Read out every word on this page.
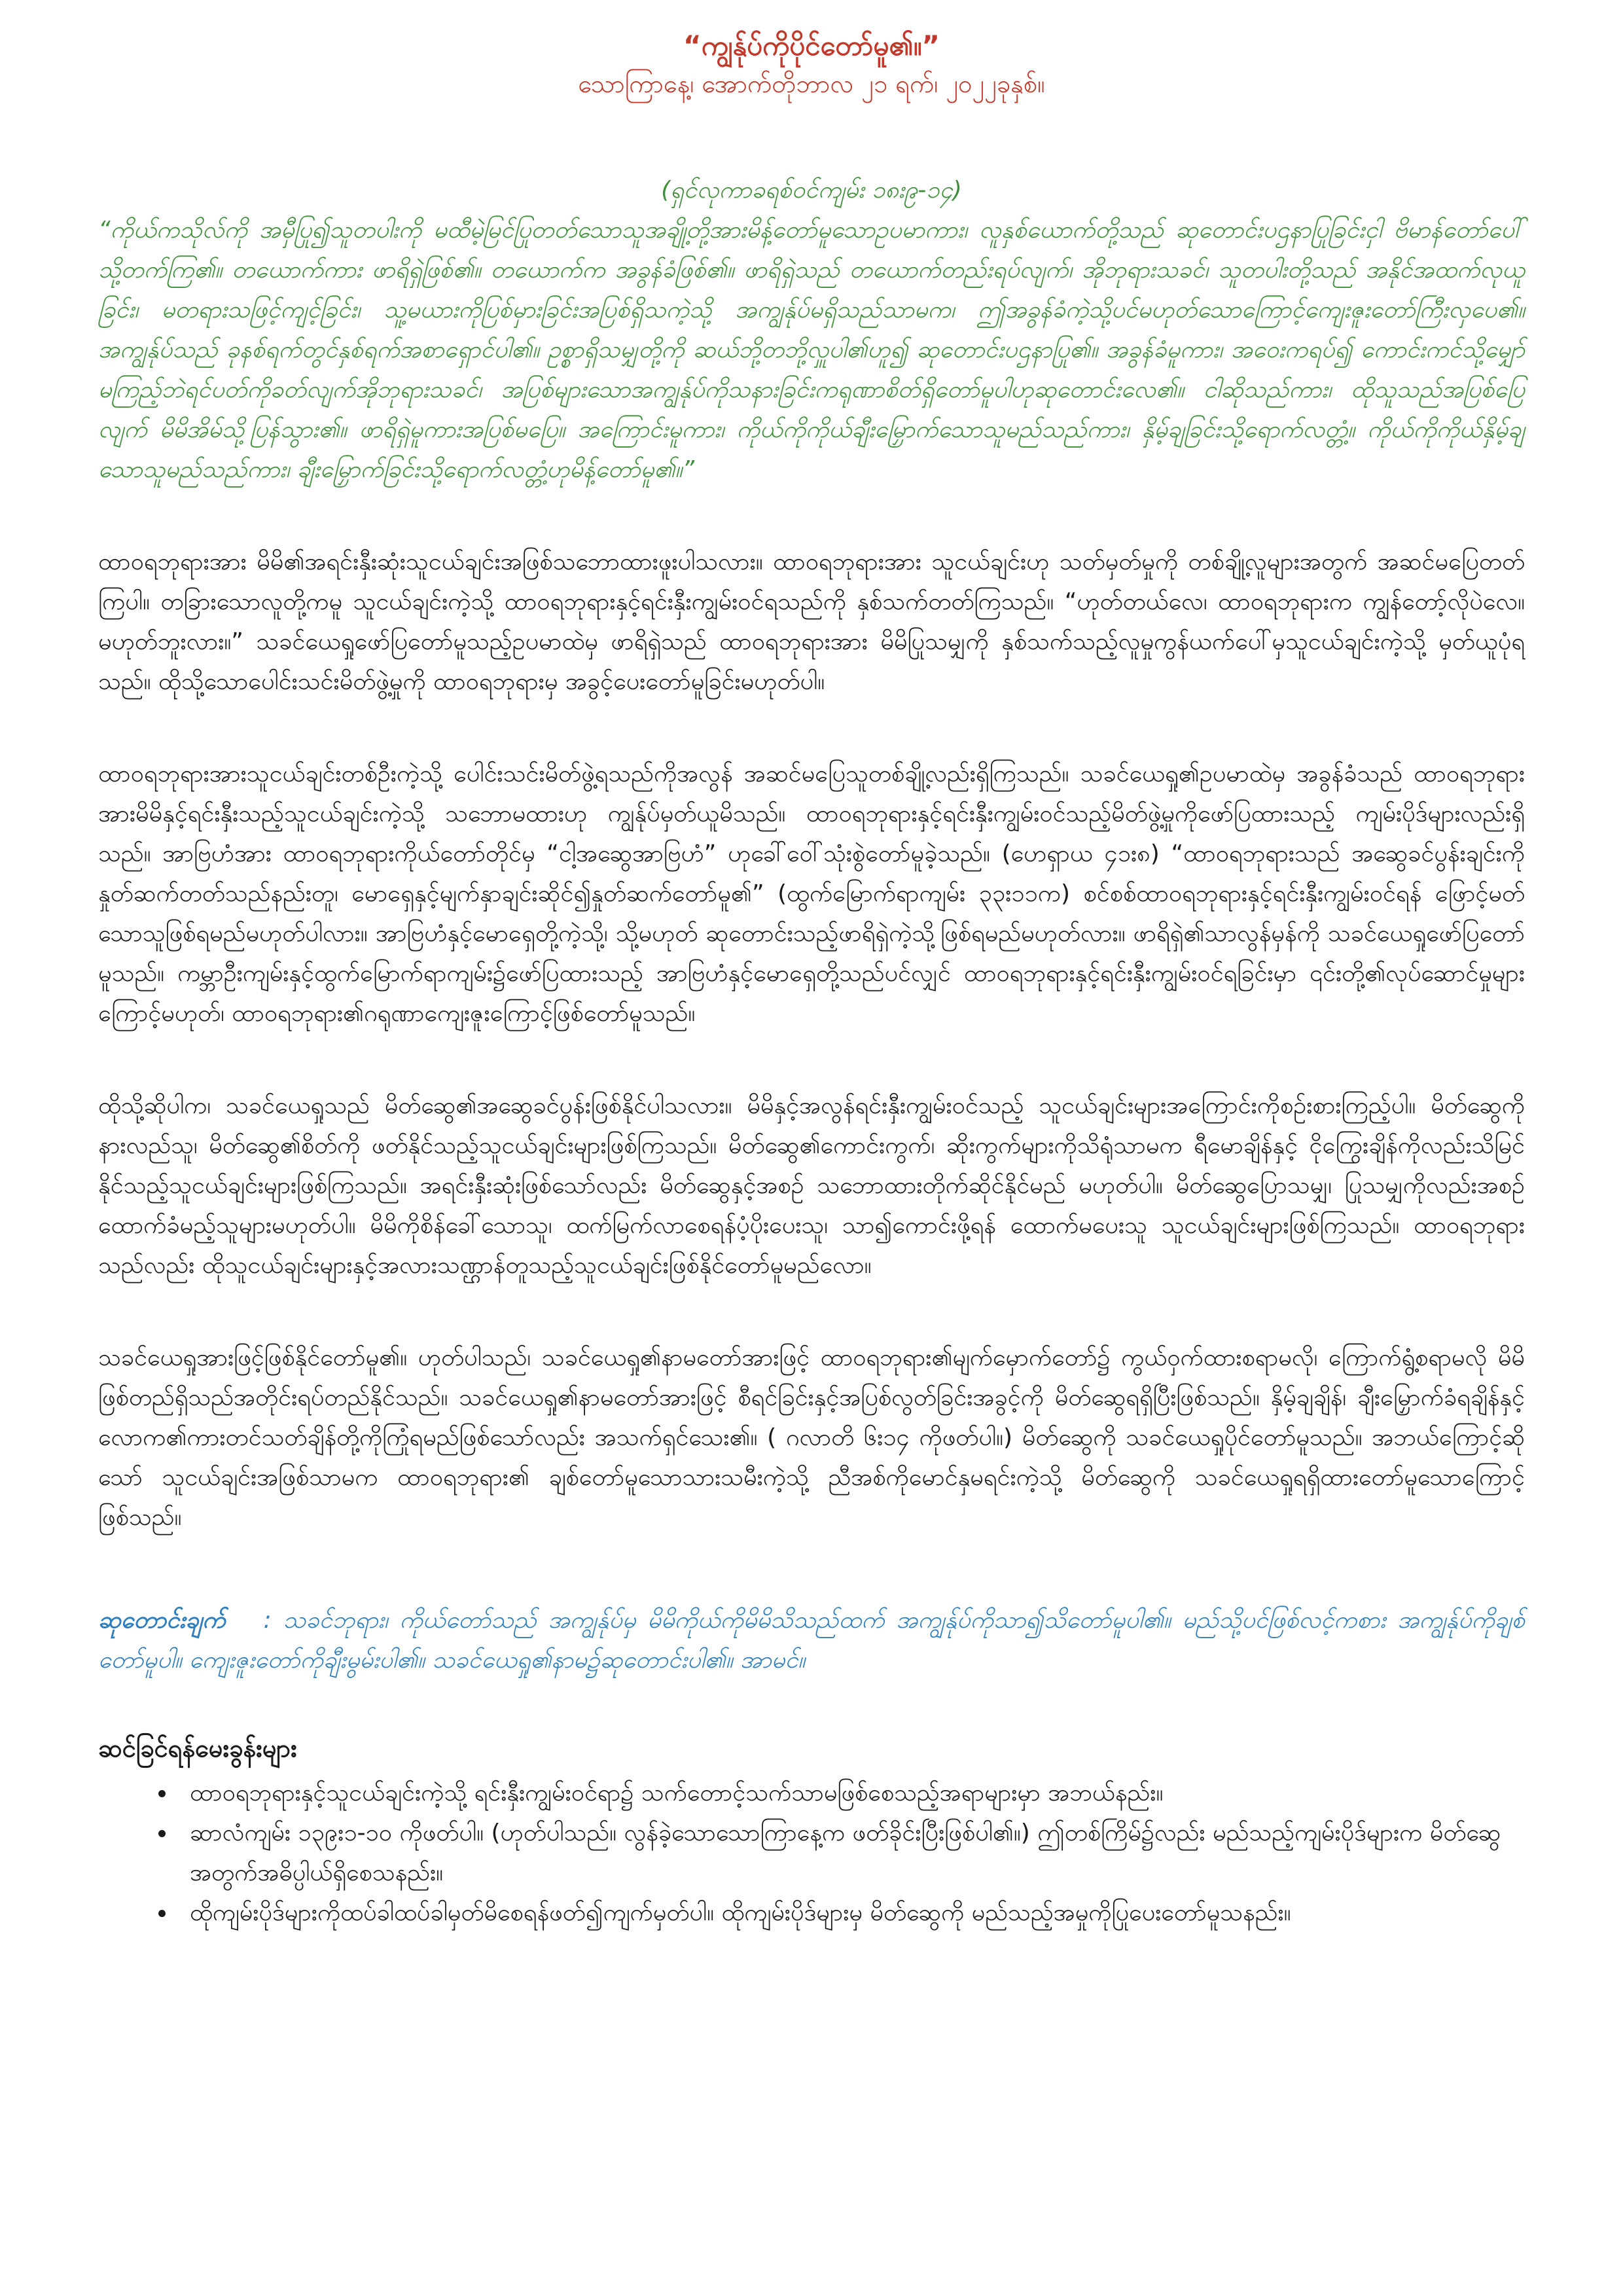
“ကျွန်ုပ်ကိုပိုင်တော်မူ၏။”

သောကြာနေ့၊ အောက်တိုဘာလ ၂၁ ရက်၊ ၂၀၂၂ခုနှစ်။

(ရှင်လုကာခရစ်ဝင်ကျမ်း ၁၈း၉-၁၄)
“ကိုယ်ကသိုလ်ကို အမှီပြု၍သူတပါးကို မထီမဲ့မြင်ပြုတတ်သောသူအချို့တို့အားမိန့်တော်မူသောဥပမာကား၊ လူနှစ်ယောက်တို့သည် ဆုတောင်းပဌနာပြုခြင်းငှါ ဗိမာန်တော်ပေါ်သို့တက်ကြ၏။ တယောက်ကား ဖာရိရှဲဖြစ်၏။ တယောက်က အခွန်ခံဖြစ်၏။ ဖာရိရှဲသည် တယောက်တည်းရပ်လျက်၊ အိုဘုရားသခင်၊ သူတပါးတို့သည် အနိုင်အထက်လုယူခြင်း၊ မတရားသဖြင့်ကျင့်ခြင်း၊ သူ့မယားကိုပြစ်မှားခြင်းအပြစ်ရှိသကဲ့သို့ အကျွန်ုပ်မရှိသည်သာမက၊ ဤအခွန်ခံကဲ့သို့ပင်မဟုတ်သောကြောင့်ကျေးဇူးတော်ကြီးလှပေ၏။ အကျွန်ုပ်သည် ခုနစ်ရက်တွင်နှစ်ရက်အစာရှောင်ပါ၏။ ဥစ္စာရှိသမျှတို့ကို ဆယ်ဘို့တဘို့လှူပါ၏ဟူ၍ ဆုတောင်းပဌနာပြု၏။ အခွန်ခံမူကား၊ အဝေးကရပ်၍ ကောင်းကင်သို့မျှော်မကြည့်ဘဲရင်ပတ်ကိုခတ်လျက်အိုဘုရားသခင်၊ အပြစ်များသောအကျွန်ုပ်ကိုသနားခြင်းကရုဏာစိတ်ရှိတော်မူပါဟုဆုတောင်းလေ၏။ ငါဆိုသည်ကား၊ ထိုသူသည်အပြစ်ပြေလျက် မိမိအိမ်သို့ပြန်သွား၏။ ဖာရိရှဲမူကားအပြစ်မပြေ။ အကြောင်းမူကား၊ ကိုယ်ကိုကိုယ်ချီးမြှောက်သောသူမည်သည်ကား၊ နှိမ့်ချခြင်းသို့ရောက်လတ္တံ့။ ကိုယ်ကိုကိုယ်နှိမ့်ချသောသူမည်သည်ကား၊ ချီးမြှောက်ခြင်းသို့ရောက်လတ္တံ့ဟုမိန့်တော်မူ၏။”

ထာဝရဘုရားအား မိမိ၏အရင်းနှီးဆုံးသူငယ်ချင်းအဖြစ်သဘောထားဖူးပါသလား။ ထာဝရဘုရားအား သူငယ်ချင်းဟု သတ်မှတ်မှုကို တစ်ချို့လူများအတွက် အဆင်မပြေတတ်ကြပါ။ တခြားသောလူတို့ကမူ သူငယ်ချင်းကဲ့သို့ ထာဝရဘုရားနှင့်ရင်းနှီးကျွမ်းဝင်ရသည်ကို နှစ်သက်တတ်ကြသည်။ “ဟုတ်တယ်လေ၊ ထာဝရဘုရားက ကျွန်တော့်လိုပဲလေ။ မဟုတ်ဘူးလား။” သခင်ယေရှုဖော်ပြတော်မူသည့်ဥပမာထဲမှ ဖာရိရှဲသည် ထာဝရဘုရားအား မိမိပြုသမျှကို နှစ်သက်သည့်လူမှုကွန်ယက်ပေါ်မှသူငယ်ချင်းကဲ့သို့ မှတ်ယူပုံရသည်။ ထိုသို့သောပေါင်းသင်းမိတ်ဖွဲ့မှုကို ထာဝရဘုရားမှ အခွင့်ပေးတော်မူခြင်းမဟုတ်ပါ။

ထာဝရဘုရားအားသူငယ်ချင်းတစ်ဦးကဲ့သို့ ပေါင်းသင်းမိတ်ဖွဲ့ရသည်ကိုအလွန် အဆင်မပြေသူတစ်ချို့လည်းရှိကြသည်။ သခင်ယေရှု၏ဥပမာထဲမှ အခွန်ခံသည် ထာဝရဘုရားအားမိမိနှင့်ရင်းနှီးသည့်သူငယ်ချင်းကဲ့သို့ သဘောမထားဟု ကျွန်ုပ်မှတ်ယူမိသည်။ ထာဝရဘုရားနှင့်ရင်းနှီးကျွမ်းဝင်သည့်မိတ်ဖွဲ့မှုကိုဖော်ပြထားသည့် ကျမ်းပိုဒ်များလည်းရှိသည်။ အာဗြဟံအား ထာဝရဘုရားကိုယ်တော်တိုင်မှ “ငါ့အဆွေအာဗြဟံ” ဟုခေါ်ဝေါ်သုံးစွဲတော်မူခဲ့သည်။ (ဟေရှာယ ၄၁း၈) “ထာဝရဘုရားသည် အဆွေခင်ပွန်းချင်းကိုနှုတ်ဆက်တတ်သည်နည်းတူ၊ မောရှေနှင့်မျက်နှာချင်းဆိုင်၍နှုတ်ဆက်တော်မူ၏” (ထွက်မြောက်ရာကျမ်း ၃၃း၁၁က) စင်စစ်ထာဝရဘုရားနှင့်ရင်းနှီးကျွမ်းဝင်ရန် ဖြောင့်မတ်သောသူဖြစ်ရမည်မဟုတ်ပါလား။ အာဗြဟံနှင့်မောရှေတို့ကဲ့သို့၊ သို့မဟုတ် ဆုတောင်းသည့်ဖာရိရှဲကဲ့သို့ဖြစ်ရမည်မဟုတ်လား။ ဖာရိရှဲ၏သာလွန်မှန်ကို သခင်ယေရှုဖော်ပြတော်မူသည်။ ကမ္ဘာဦးကျမ်းနှင့်ထွက်မြောက်ရာကျမ်း၌ဖော်ပြထားသည့် အာဗြဟံနှင့်မောရှေတို့သည်ပင်လျှင် ထာဝရဘုရားနှင့်ရင်းနှီးကျွမ်းဝင်ရခြင်းမှာ ၎င်းတို့၏လုပ်ဆောင်မှုများကြောင့်မဟုတ်၊ ထာဝရဘုရား၏ဂရုဏာကျေးဇူးကြောင့်ဖြစ်တော်မူသည်။

ထိုသို့ဆိုပါက၊ သခင်ယေရှုသည် မိတ်ဆွေ၏အဆွေခင်ပွန်းဖြစ်နိုင်ပါသလား။ မိမိနှင့်အလွန်ရင်းနှီးကျွမ်းဝင်သည့် သူငယ်ချင်းများအကြောင်းကိုစဉ်းစားကြည့်ပါ။ မိတ်ဆွေကိုနားလည်သူ၊ မိတ်ဆွေ၏စိတ်ကို ဖတ်နိုင်သည့်သူငယ်ချင်းများဖြစ်ကြသည်။ မိတ်ဆွေ၏ကောင်းကွက်၊ ဆိုးကွက်များကိုသိရုံသာမက ရီမောချိန်နှင့် ငိုကြွေးချိန်ကိုလည်းသိမြင်နိုင်သည့်သူငယ်ချင်းများဖြစ်ကြသည်။ အရင်းနှီးဆုံးဖြစ်သော်လည်း မိတ်ဆွေနှင့်အစဉ် သဘောထားတိုက်ဆိုင်နိုင်မည် မဟုတ်ပါ။ မိတ်ဆွေပြောသမျှ၊ ပြုသမျှကိုလည်းအစဉ်ထောက်ခံမည့်သူများမဟုတ်ပါ။ မိမိကိုစိန်ခေါ်သောသူ၊ ထက်မြက်လာစေရန်ပံ့ပိုးပေးသူ၊ သာ၍ကောင်းဖို့ရန် ထောက်မပေးသူ သူငယ်ချင်းများဖြစ်ကြသည်။ ထာဝရဘုရားသည်လည်း ထိုသူငယ်ချင်းများနှင့်အလားသဏ္ဌာန်တူသည့်သူငယ်ချင်းဖြစ်နိုင်တော်မူမည်လော။

သခင်ယေရှုအားဖြင့်ဖြစ်နိုင်တော်မူ၏။ ဟုတ်ပါသည်၊ သခင်ယေရှု၏နာမတော်အားဖြင့် ထာဝရဘုရား၏မျက်မှောက်တော်၌ ကွယ်ဝှက်ထားစရာမလို၊ ကြောက်ရွံ့စရာမလို မိမိဖြစ်တည်ရှိသည်အတိုင်းရပ်တည်နိုင်သည်။ သခင်ယေရှု၏နာမတော်အားဖြင့် စီရင်ခြင်းနှင့်အပြစ်လွတ်ခြင်းအခွင့်ကို မိတ်ဆွေရရှိပြီးဖြစ်သည်။ နှိမ့်ချချိန်၊ ချီးမြှောက်ခံရချိန်နှင့်လောက၏ကားတင်သတ်ချိန်တို့ကိုကြုံရမည်ဖြစ်သော်လည်း အသက်ရှင်သေး၏။ ( ဂလာတိ ၆း၁၄ ကိုဖတ်ပါ။) မိတ်ဆွေကို သခင်ယေရှုပိုင်တော်မူသည်။ အဘယ်ကြောင့်ဆိုသော် သူငယ်ချင်းအဖြစ်သာမက ထာဝရဘုရား၏ ချစ်တော်မူသောသားသမီးကဲ့သို့ ညီအစ်ကိုမောင်နှမရင်းကဲ့သို့ မိတ်ဆွေကို သခင်ယေရှုရရှိထားတော်မူသောကြောင့်ဖြစ်သည်။

ဆုတောင်းချက် : သခင်ဘုရား၊ ကိုယ်တော်သည် အကျွန်ုပ်မှ မိမိကိုယ်ကိုမိမိသိသည်ထက် အကျွန်ုပ်ကိုသာ၍သိတော်မူပါ၏။ မည်သို့ပင်ဖြစ်လင့်ကစား အကျွန်ုပ်ကိုချစ်တော်မူပါ။ ကျေးဇူးတော်ကိုချီးမွမ်းပါ၏။ သခင်ယေရှု၏နာမ၌ဆုတောင်းပါ၏။ အာမင်။

ဆင်ခြင်ရန်မေးခွန်းများ
• ထာဝရဘုရားနှင့်သူငယ်ချင်းကဲ့သို့ ရင်းနှီးကျွမ်းဝင်ရာ၌ သက်တောင့်သက်သာမဖြစ်စေသည့်အရာများမှာ အဘယ်နည်း။
• ဆာလံကျမ်း ၁၃၉း၁-၁၀ ကိုဖတ်ပါ။ (ဟုတ်ပါသည်။ လွန်ခဲ့သောသောကြာနေ့က ဖတ်ခိုင်းပြီးဖြစ်ပါ၏။) ဤတစ်ကြိမ်၌လည်း မည်သည့်ကျမ်းပိုဒ်များက မိတ်ဆွေအတွက်အဓိပ္ပါယ်ရှိစေသနည်း။
• ထိုကျမ်းပိုဒ်များကိုထပ်ခါထပ်ခါမှတ်မိစေရန်ဖတ်၍ကျက်မှတ်ပါ။ ထိုကျမ်းပိုဒ်များမှ မိတ်ဆွေကို မည်သည့်အမှုကိုပြုပေးတော်မူသနည်း။
